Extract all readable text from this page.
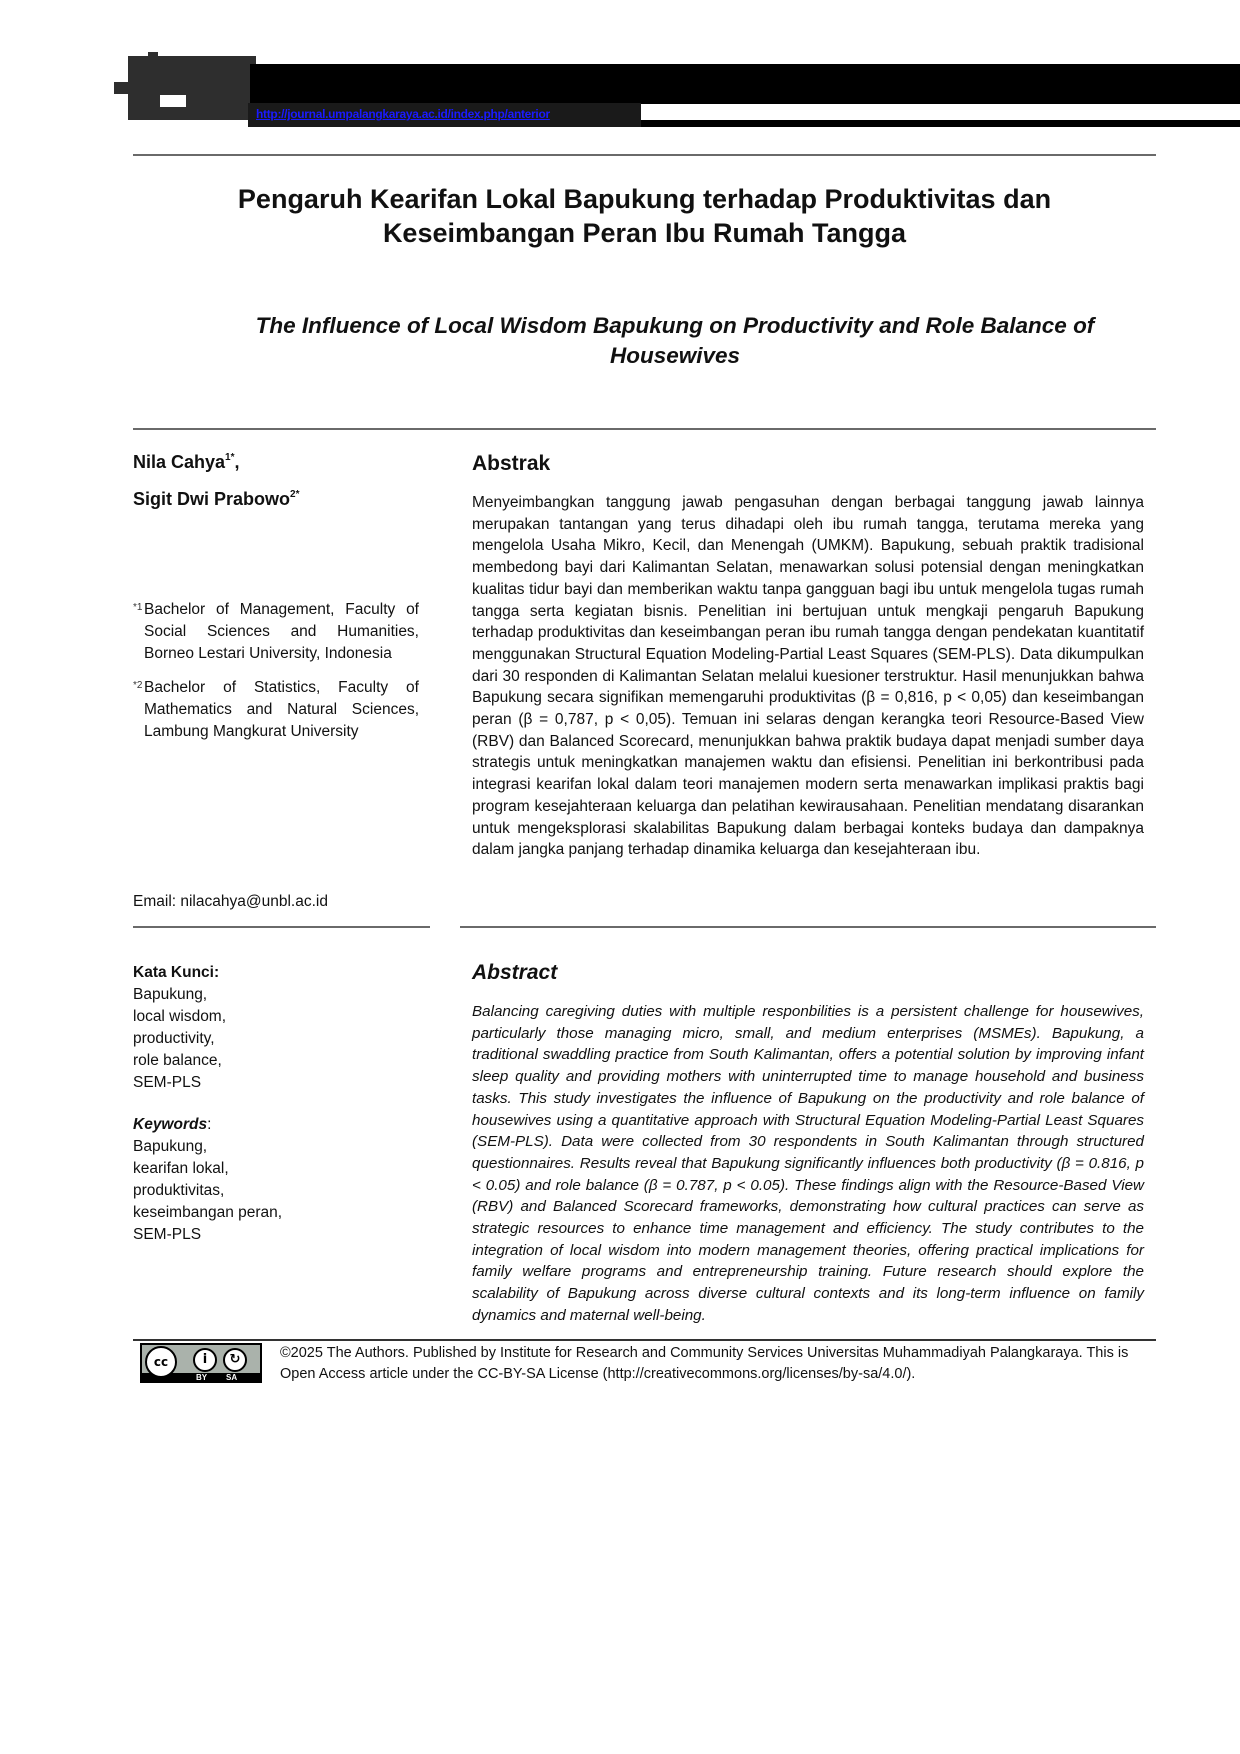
http://journal.umpalangkaraya.ac.id/index.php/anterior
Pengaruh Kearifan Lokal Bapukung terhadap Produktivitas dan
Keseimbangan Peran Ibu Rumah Tangga
The Influence of Local Wisdom Bapukung on Productivity and Role Balance of
Housewives
Nila Cahya$^{1*}$,
Sigit Dwi Prabowo$^{2*}$
*1 Bachelor of Management, Faculty of Social Sciences and Humanities, Borneo Lestari University, Indonesia
*2 Bachelor of Statistics, Faculty of Mathematics and Natural Sciences, Lambung Mangkurat University
Email: nilacahya@unbl.ac.id
Abstrak
Menyeimbangkan tanggung jawab pengasuhan dengan berbagai tanggung jawab lainnya merupakan tantangan yang terus dihadapi oleh ibu rumah tangga, terutama mereka yang mengelola Usaha Mikro, Kecil, dan Menengah (UMKM). Bapukung, sebuah praktik tradisional membedong bayi dari Kalimantan Selatan, menawarkan solusi potensial dengan meningkatkan kualitas tidur bayi dan memberikan waktu tanpa gangguan bagi ibu untuk mengelola tugas rumah tangga serta kegiatan bisnis. Penelitian ini bertujuan untuk mengkaji pengaruh Bapukung terhadap produktivitas dan keseimbangan peran ibu rumah tangga dengan pendekatan kuantitatif menggunakan Structural Equation Modeling-Partial Least Squares (SEM-PLS). Data dikumpulkan dari 30 responden di Kalimantan Selatan melalui kuesioner terstruktur. Hasil menunjukkan bahwa Bapukung secara signifikan memengaruhi produktivitas (β = 0,816, p < 0,05) dan keseimbangan peran (β = 0,787, p < 0,05). Temuan ini selaras dengan kerangka teori Resource-Based View (RBV) dan Balanced Scorecard, menunjukkan bahwa praktik budaya dapat menjadi sumber daya strategis untuk meningkatkan manajemen waktu dan efisiensi. Penelitian ini berkontribusi pada integrasi kearifan lokal dalam teori manajemen modern serta menawarkan implikasi praktis bagi program kesejahteraan keluarga dan pelatihan kewirausahaan. Penelitian mendatang disarankan untuk mengeksplorasi skalabilitas Bapukung dalam berbagai konteks budaya dan dampaknya dalam jangka panjang terhadap dinamika keluarga dan kesejahteraan ibu.
Kata Kunci:
Bapukung,
local wisdom,
productivity,
role balance,
SEM-PLS
Keywords:
Bapukung,
kearifan lokal,
produktivitas,
keseimbangan peran,
SEM-PLS
Abstract
Balancing caregiving duties with multiple responbilities is a persistent challenge for housewives, particularly those managing micro, small, and medium enterprises (MSMEs). Bapukung, a traditional swaddling practice from South Kalimantan, offers a potential solution by improving infant sleep quality and providing mothers with uninterrupted time to manage household and business tasks. This study investigates the influence of Bapukung on the productivity and role balance of housewives using a quantitative approach with Structural Equation Modeling-Partial Least Squares (SEM-PLS). Data were collected from 30 respondents in South Kalimantan through structured questionnaires. Results reveal that Bapukung significantly influences both productivity (β = 0.816, p < 0.05) and role balance (β = 0.787, p < 0.05). These findings align with the Resource-Based View (RBV) and Balanced Scorecard frameworks, demonstrating how cultural practices can serve as strategic resources to enhance time management and efficiency. The study contributes to the integration of local wisdom into modern management theories, offering practical implications for family welfare programs and entrepreneurship training. Future research should explore the scalability of Bapukung across diverse cultural contexts and its long-term influence on family dynamics and maternal well-being.
cc	i	↻
BY SA
©2025 The Authors. Published by Institute for Research and Community Services Universitas Muhammadiyah Palangkaraya. This is Open Access article under the CC-BY-SA License (http://creativecommons.org/licenses/by-sa/4.0/).
